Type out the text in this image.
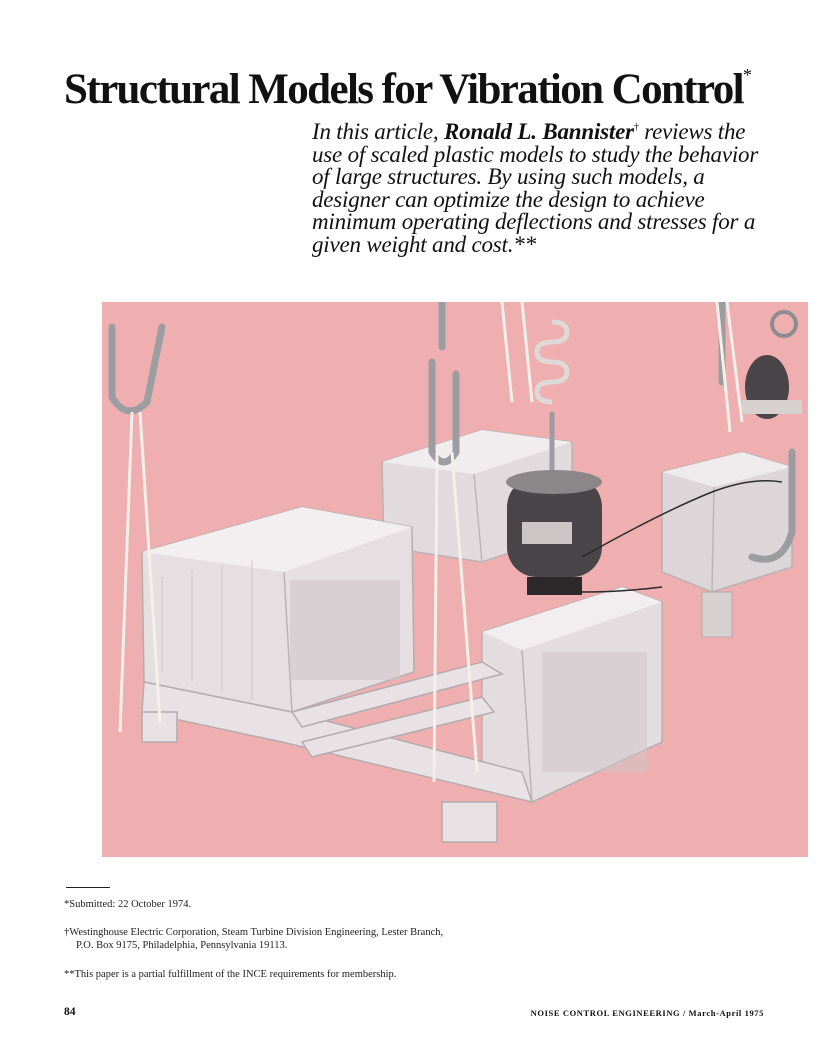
Structural Models for Vibration Control*

In this article, Ronald L. Bannister† reviews the use of scaled plastic models to study the behavior of large structures. By using such models, a designer can optimize the design to achieve minimum operating deflections and stresses for a given weight and cost.**

*Submitted: 22 October 1974.

†Westinghouse Electric Corporation, Steam Turbine Division Engineering, Lester Branch,
P.O. Box 9175, Philadelphia, Pennsylvania 19113.

**This paper is a partial fulfillment of the INCE requirements for membership.

84	NOISE CONTROL ENGINEERING / March-April 1975
